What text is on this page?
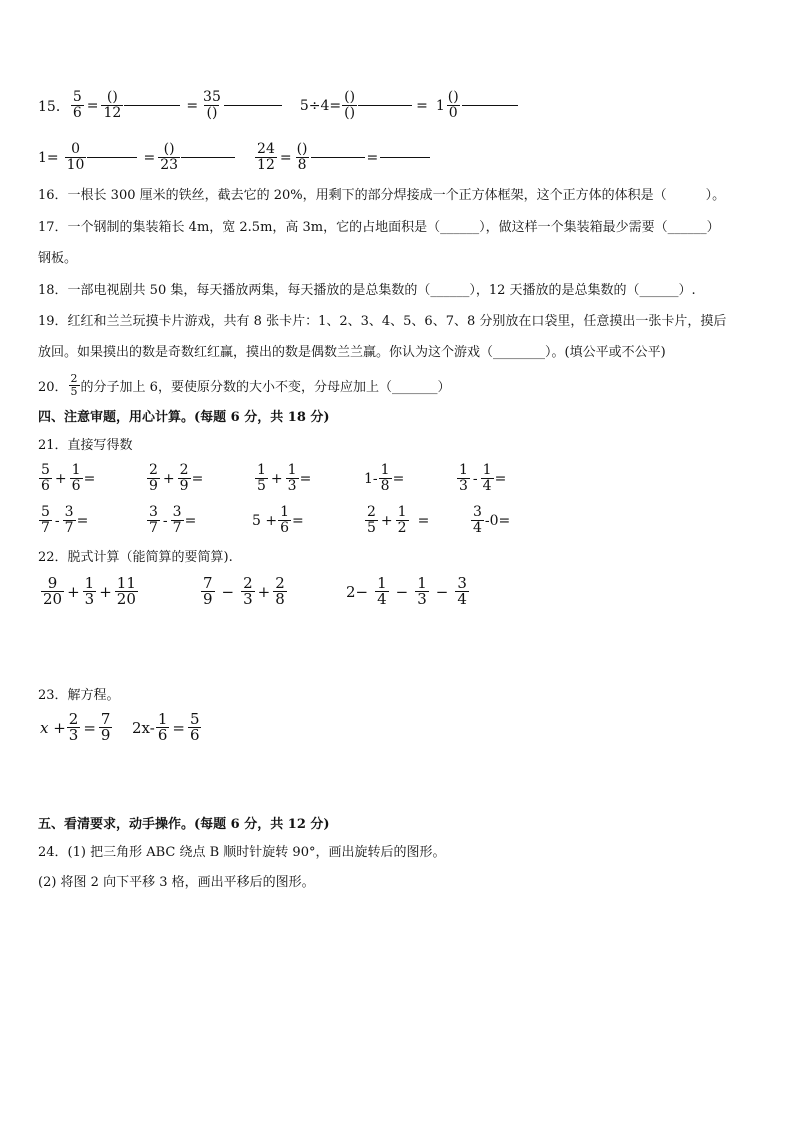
15． $\frac{5}{6} = \frac{()}{12}$	= $\frac{35}{()}$	$5\div 4= \frac{()}{()}$	= $1 \frac{()}{0}$
$1= \frac{0}{10}$	= $\frac{()}{23}$	$\frac{24}{12} = \frac{()}{8}$	=
16．一根长 300 厘米的铁丝，截去它的 20%，用剩下的部分焊接成一个正方体框架，这个正方体的体积是（　　　）。
17．一个钢制的集装箱长 4m，宽 2.5m，高 3m，它的占地面积是（______），做这样一个集装箱最少需要（______）
钢板。
18．一部电视剧共 50 集，每天播放两集，每天播放的是总集数的（______），12 天播放的是总集数的（______）.
19．红红和兰兰玩摸卡片游戏，共有 8 张卡片：1、2、3、4、5、6、7、8 分别放在口袋里，任意摸出一张卡片，摸后
放回。如果摸出的数是奇数红红赢，摸出的数是偶数兰兰赢。你认为这个游戏（________）。(填公平或不公平)
20． $\frac{2}{5}$ 的分子加上 6，要使原分数的大小不变，分母应加上（_______）
四、注意审题，用心计算。(每题 6 分，共 18 分)
21．直接写得数
$\frac{5}{6} + \frac{1}{6}$ =	$\frac{2}{9} + \frac{2}{9}$ =	$\frac{1}{5} + \frac{1}{3}$ =	$1- \frac{1}{8}$ =	$\frac{1}{3} - \frac{1}{4}$ =
$\frac{5}{7} - \frac{3}{7}$ =	$\frac{3}{7} - \frac{3}{7}$ =	$5 + \frac{1}{6}$ =	$\frac{2}{5} + \frac{1}{2}$ =	$\frac{3}{4} -0=$
22．脱式计算（能简算的要简算).
$\frac{9}{20} + \frac{1}{3} + \frac{11}{20}$	$\frac{7}{9} - \frac{2}{3} + \frac{2}{8}$	$2- \frac{1}{4} - \frac{1}{3} - \frac{3}{4}$
23．解方程。
$x + \frac{2}{3} = \frac{7}{9} 2x- \frac{1}{6} = \frac{5}{6}$
五、看清要求，动手操作。(每题 6 分，共 12 分)
24．(1) 把三角形 ABC 绕点 B 顺时针旋转 90°，画出旋转后的图形。
(2) 将图 2 向下平移 3 格，画出平移后的图形。
